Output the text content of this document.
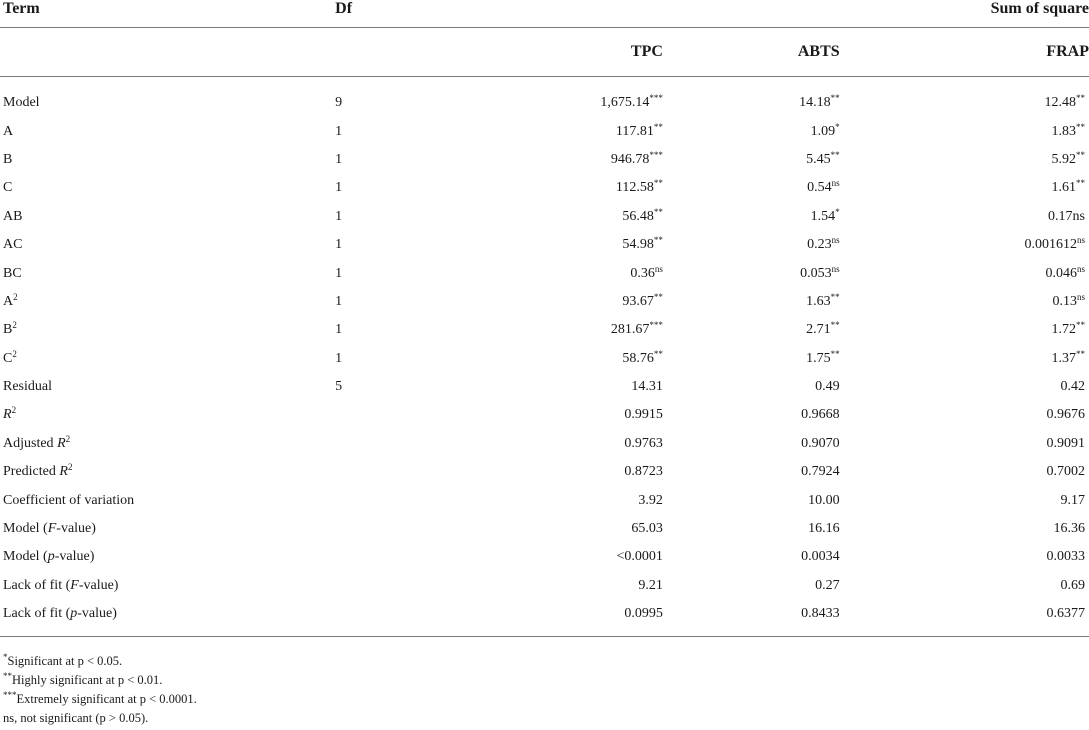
Term	Df	Sum of square		
		TPC	ABTS	FRAP
Model	9	1,675.14***	14.18**	12.48**
A	1	117.81**	1.09*	1.83**
B	1	946.78***	5.45**	5.92**
C	1	112.58**	$0.54^{ns}$	1.61**
AB	1	56.48**	1.54*	0.17ns
AC	1	54.98**	$0.23^{ns}$	$0.001612^{ns}$
BC	1	$0.36^{ns}$	$0.053^{ns}$	$0.046^{ns}$
$A^2$	1	93.67**	1.63**	$0.13^{ns}$
$B^2$	1	281.67***	2.71**	1.72**
$C^2$	1	58.76**	1.75**	1.37**
Residual	5	14.31	0.49	0.42
$R^2$		0.9915	0.9668	0.9676
Adjusted $R^2$		0.9763	0.9070	0.9091
Predicted $R^2$		0.8723	0.7924	0.7002
Coefficient of variation		3.92	10.00	9.17
Model (F-value)		65.03	16.16	16.36
Model (p-value)		<0.0001	0.0034	0.0033
Lack of fit (F-value)		9.21	0.27	0.69
Lack of fit (p-value)		0.0995	0.8433	0.6377
*Significant at p < 0.05.
**Highly significant at p < 0.01.
***Extremely significant at p < 0.0001.
ns, not significant (p > 0.05).
